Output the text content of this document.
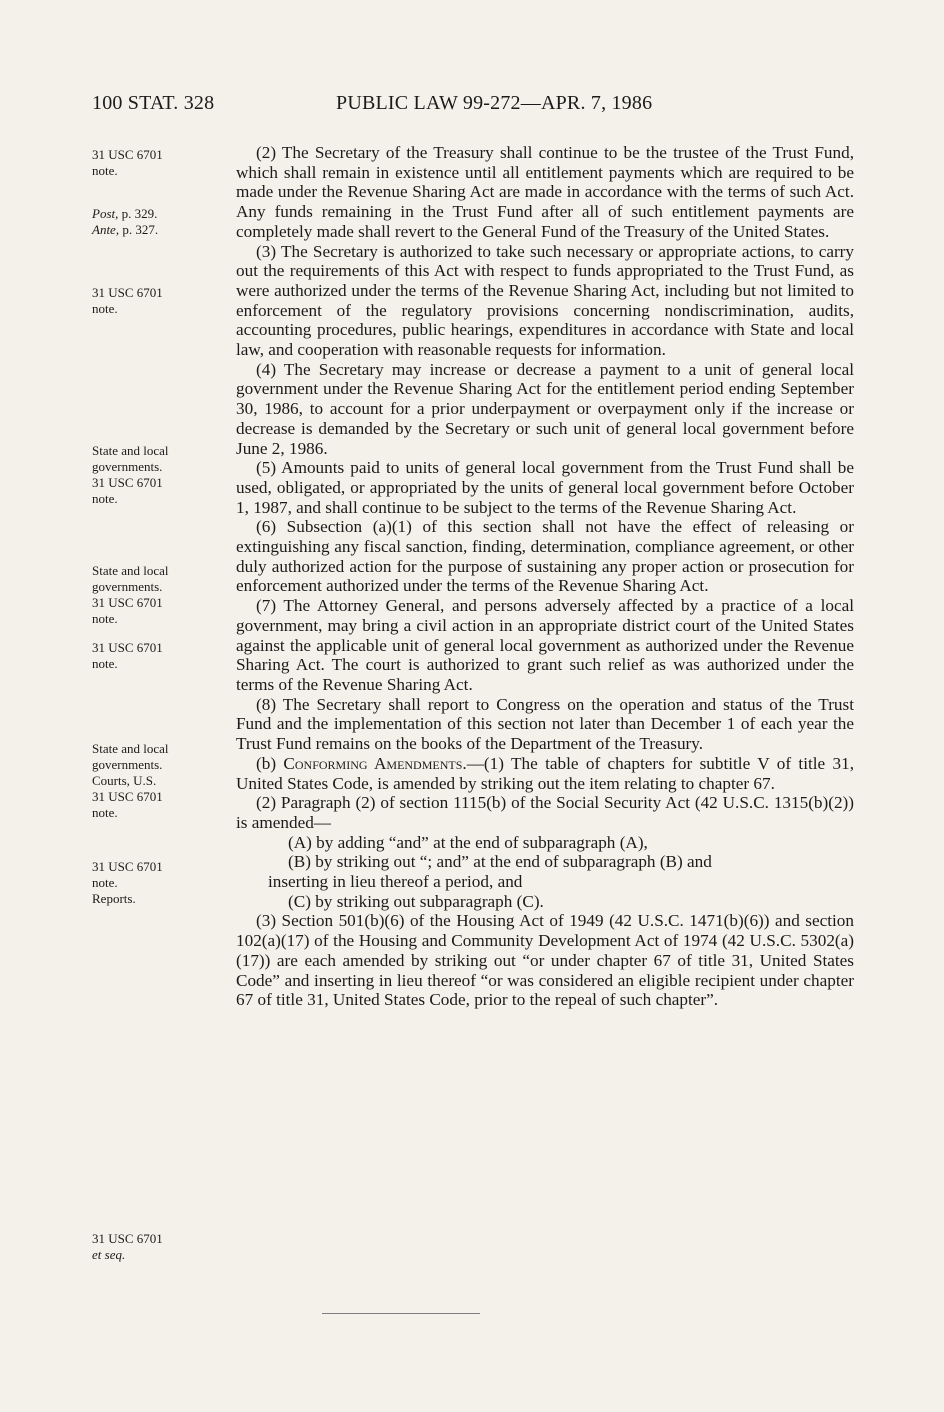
100 STAT. 328	PUBLIC LAW 99-272—APR. 7, 1986
31 USC 6701
note.
Post, p. 329.
Ante, p. 327.
31 USC 6701
note.
State and local
governments.
31 USC 6701
note.
State and local
governments.
31 USC 6701
note.
31 USC 6701
note.
State and local
governments.
Courts, U.S.
31 USC 6701
note.
31 USC 6701
note.
Reports.
31 USC 6701
et seq.

(2) The Secretary of the Treasury shall continue to be the trustee of the Trust Fund, which shall remain in existence until all entitlement payments which are required to be made under the Revenue Sharing Act are made in accordance with the terms of such Act. Any funds remaining in the Trust Fund after all of such entitlement payments are completely made shall revert to the General Fund of the Treasury of the United States.

(3) The Secretary is authorized to take such necessary or appropriate actions, to carry out the requirements of this Act with respect to funds appropriated to the Trust Fund, as were authorized under the terms of the Revenue Sharing Act, including but not limited to enforcement of the regulatory provisions concerning nondiscrimination, audits, accounting procedures, public hearings, expenditures in accordance with State and local law, and cooperation with reasonable requests for information.

(4) The Secretary may increase or decrease a payment to a unit of general local government under the Revenue Sharing Act for the entitlement period ending September 30, 1986, to account for a prior underpayment or overpayment only if the increase or decrease is demanded by the Secretary or such unit of general local government before June 2, 1986.

(5) Amounts paid to units of general local government from the Trust Fund shall be used, obligated, or appropriated by the units of general local government before October 1, 1987, and shall continue to be subject to the terms of the Revenue Sharing Act.

(6) Subsection (a)(1) of this section shall not have the effect of releasing or extinguishing any fiscal sanction, finding, determination, compliance agreement, or other duly authorized action for the purpose of sustaining any proper action or prosecution for enforcement authorized under the terms of the Revenue Sharing Act.

(7) The Attorney General, and persons adversely affected by a practice of a local government, may bring a civil action in an appropriate district court of the United States against the applicable unit of general local government as authorized under the Revenue Sharing Act. The court is authorized to grant such relief as was authorized under the terms of the Revenue Sharing Act.

(8) The Secretary shall report to Congress on the operation and status of the Trust Fund and the implementation of this section not later than December 1 of each year the Trust Fund remains on the books of the Department of the Treasury.

(b) Conforming Amendments.—(1) The table of chapters for subtitle V of title 31, United States Code, is amended by striking out the item relating to chapter 67.

(2) Paragraph (2) of section 1115(b) of the Social Security Act (42 U.S.C. 1315(b)(2)) is amended—

(A) by adding “and” at the end of subparagraph (A),

(B) by striking out “; and” at the end of subparagraph (B) and

inserting in lieu thereof a period, and

(C) by striking out subparagraph (C).

(3) Section 501(b)(6) of the Housing Act of 1949 (42 U.S.C. 1471(b)(6)) and section 102(a)(17) of the Housing and Community Development Act of 1974 (42 U.S.C. 5302(a)(17)) are each amended by striking out “or under chapter 67 of title 31, United States Code” and inserting in lieu thereof “or was considered an eligible recipient under chapter 67 of title 31, United States Code, prior to the repeal of such chapter”.
